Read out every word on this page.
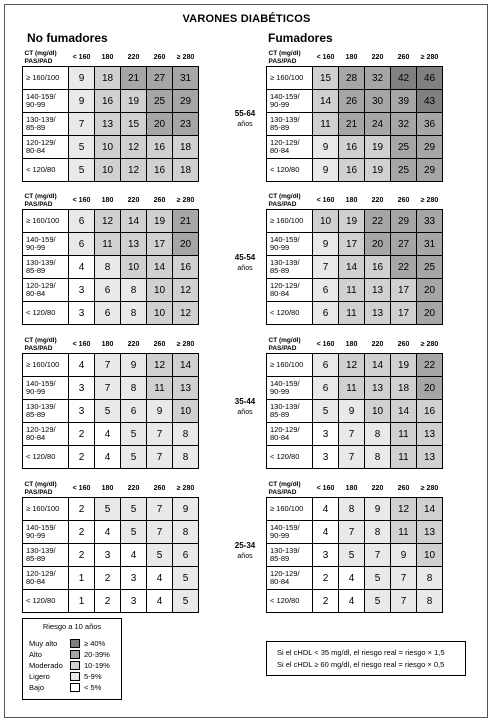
VARONES DIABÉTICOS
No fumadores	Fumadores
55-64
años
45-54
años
35-44
años
25-34
años
CT (mg/dl)
PAS/PAD	< 160	180	220	260	≥ 280
≥ 160/100	9	18	21	27	31
140-159/ 90-99	9	16	19	25	29
130-139/ 85-89	7	13	15	20	23
120-129/ 80-84	5	10	12	16	18
< 120/80	5	10	12	16	18
CT (mg/dl)
PAS/PAD	< 160	180	220	260	≥ 280
≥ 160/100	15	28	32	42	46
140-159/ 90-99	14	26	30	39	43
130-139/ 85-89	11	21	24	32	36
120-129/ 80-84	9	16	19	25	29
< 120/80	9	16	19	25	29
CT (mg/dl)
PAS/PAD	< 160	180	220	260	≥ 280
≥ 160/100	6	12	14	19	21
140-159/ 90-99	6	11	13	17	20
130-139/ 85-89	4	8	10	14	16
120-129/ 80-84	3	6	8	10	12
< 120/80	3	6	8	10	12
CT (mg/dl)
PAS/PAD	< 160	180	220	260	≥ 280
≥ 160/100	10	19	22	29	33
140-159/ 90-99	9	17	20	27	31
130-139/ 85-89	7	14	16	22	25
120-129/ 80-84	6	11	13	17	20
< 120/80	6	11	13	17	20
CT (mg/dl)
PAS/PAD	< 160	180	220	260	≥ 280
≥ 160/100	4	7	9	12	14
140-159/ 90-99	3	7	8	11	13
130-139/ 85-89	3	5	6	9	10
120-129/ 80-84	2	4	5	7	8
< 120/80	2	4	5	7	8
CT (mg/dl)
PAS/PAD	< 160	180	220	260	≥ 280
≥ 160/100	6	12	14	19	22
140-159/ 90-99	6	11	13	18	20
130-139/ 85-89	5	9	10	14	16
120-129/ 80-84	3	7	8	11	13
< 120/80	3	7	8	11	13
CT (mg/dl)
PAS/PAD	< 160	180	220	260	≥ 280
≥ 160/100	2	5	5	7	9
140-159/ 90-99	2	4	5	7	8
130-139/ 85-89	2	3	4	5	6
120-129/ 80-84	1	2	3	4	5
< 120/80	1	2	3	4	5
CT (mg/dl)
PAS/PAD	< 160	180	220	260	≥ 280
≥ 160/100	4	8	9	12	14
140-159/ 90-99	4	7	8	11	13
130-139/ 85-89	3	5	7	9	10
120-129/ 80-84	2	4	5	7	8
< 120/80	2	4	5	7	8
Riesgo a 10 años
Muy alto	≥ 40%
Alto	20-39%
Moderado	10-19%
Ligero	5-9%
Bajo	< 5%
Si el cHDL < 35 mg/dl, el riesgo real = riesgo × 1,5
Si el cHDL ≥ 60 mg/dl, el riesgo real = riesgo × 0,5
